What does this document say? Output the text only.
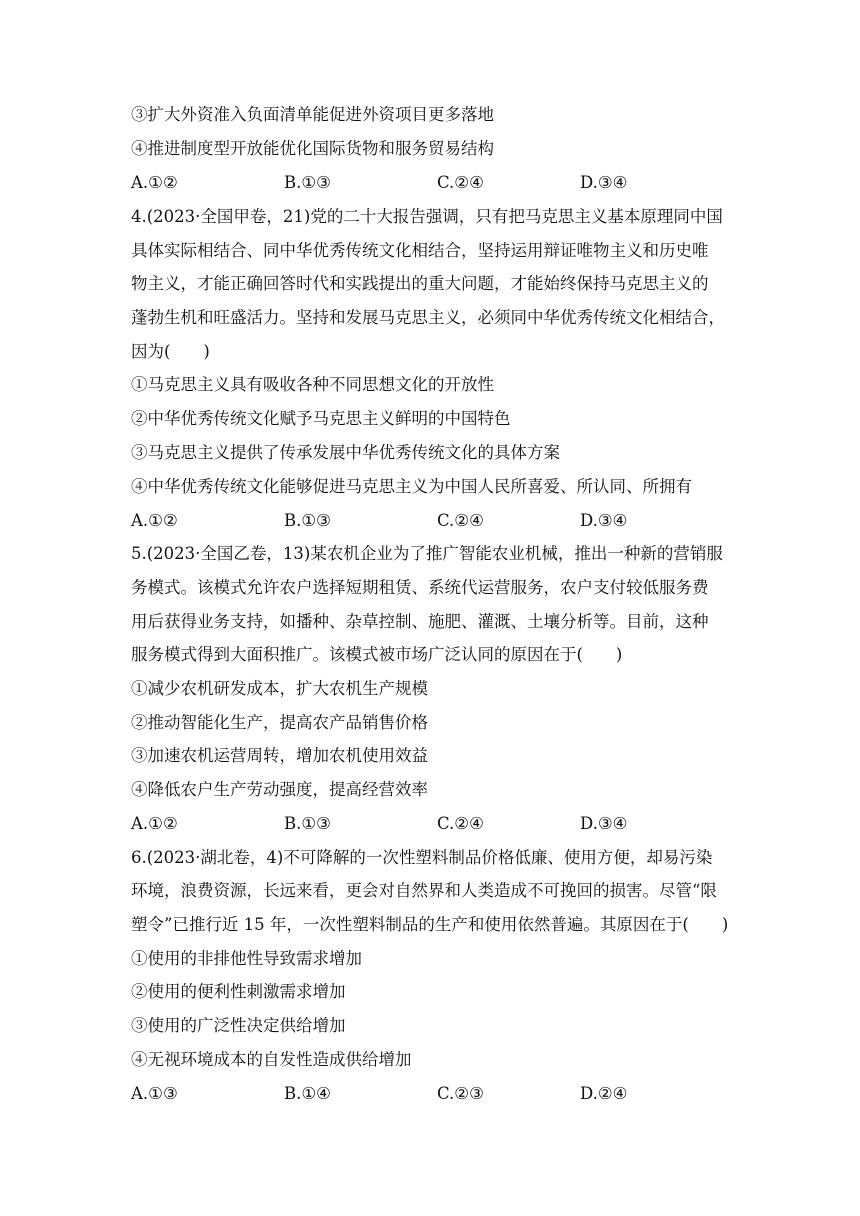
③扩大外资准入负面清单能促进外资项目更多落地
④推进制度型开放能优化国际货物和服务贸易结构
A.①②	B.①③	C.②④	D.③④
4.(2023·全国甲卷，21)党的二十大报告强调，只有把马克思主义基本原理同中国
具体实际相结合、同中华优秀传统文化相结合，坚持运用辩证唯物主义和历史唯
物主义，才能正确回答时代和实践提出的重大问题，才能始终保持马克思主义的
蓬勃生机和旺盛活力。坚持和发展马克思主义，必须同中华优秀传统文化相结合，
因为(　　)
①马克思主义具有吸收各种不同思想文化的开放性
②中华优秀传统文化赋予马克思主义鲜明的中国特色
③马克思主义提供了传承发展中华优秀传统文化的具体方案
④中华优秀传统文化能够促进马克思主义为中国人民所喜爱、所认同、所拥有
A.①②	B.①③	C.②④	D.③④
5.(2023·全国乙卷，13)某农机企业为了推广智能农业机械，推出一种新的营销服
务模式。该模式允许农户选择短期租赁、系统代运营服务，农户支付较低服务费
用后获得业务支持，如播种、杂草控制、施肥、灌溉、土壤分析等。目前，这种
服务模式得到大面积推广。该模式被市场广泛认同的原因在于(　　)
①减少农机研发成本，扩大农机生产规模
②推动智能化生产，提高农产品销售价格
③加速农机运营周转，增加农机使用效益
④降低农户生产劳动强度，提高经营效率
A.①②	B.①③	C.②④	D.③④
6.(2023·湖北卷，4)不可降解的一次性塑料制品价格低廉、使用方便，却易污染
环境，浪费资源，长远来看，更会对自然界和人类造成不可挽回的损害。尽管“限
塑令”已推行近 15 年，一次性塑料制品的生产和使用依然普遍。其原因在于(　　)
①使用的非排他性导致需求增加
②使用的便利性刺激需求增加
③使用的广泛性决定供给增加
④无视环境成本的自发性造成供给增加
A.①③	B.①④	C.②③	D.②④
